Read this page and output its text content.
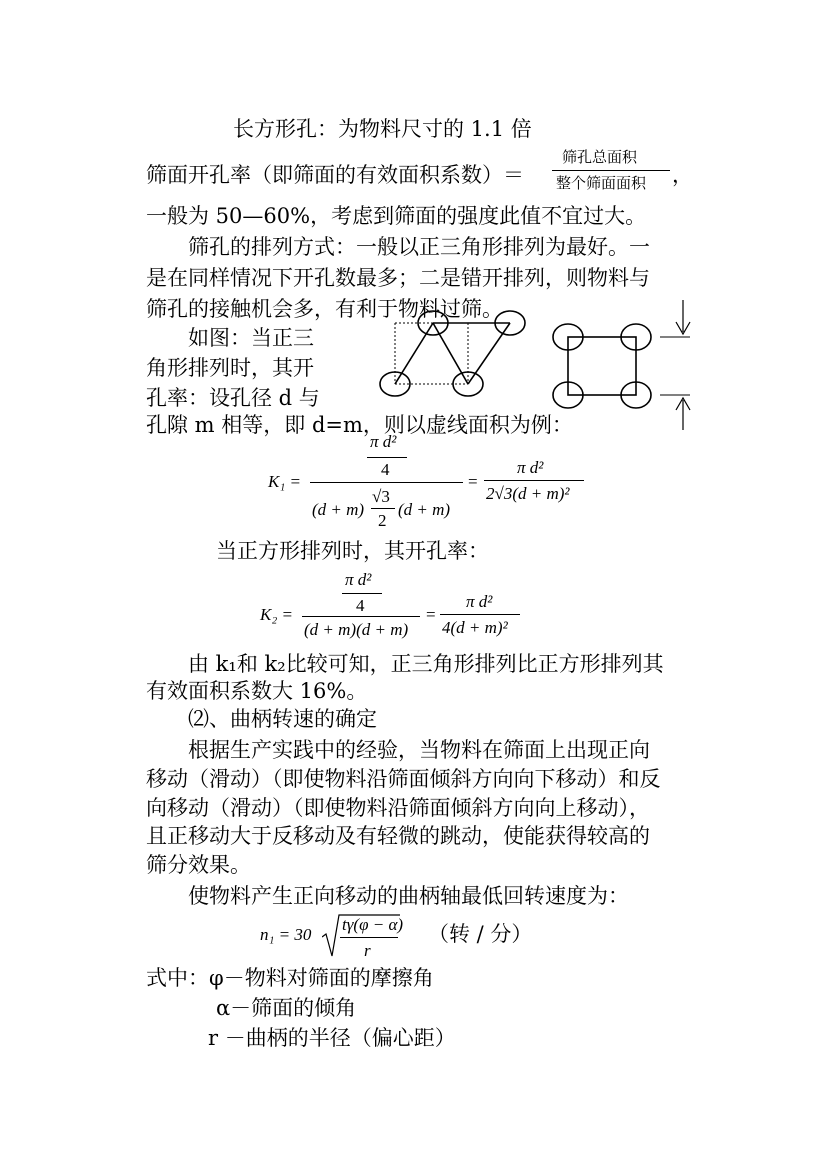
长方形孔：为物料尺寸的 1.1 倍
筛面开孔率（即筛面的有效面积系数）＝
筛孔总面积
整个筛面面积 ，
一般为 50—60%，考虑到筛面的强度此值不宜过大。
筛孔的排列方式：一般以正三角形排列为最好。一
是在同样情况下开孔数最多；二是错开排列，则物料与
筛孔的接触机会多，有利于物料过筛。
如图：当正三
角形排列时，其开
孔率：设孔径 d 与
孔隙 m 相等，即 d=m，则以虚线面积为例：
K₁ =
π d²
4
(d + m)
√3
2
(d + m)
=
π d²
2√3(d + m)²
当正方形排列时，其开孔率：
K₂ =
π d²
4
(d + m)(d + m)
=
π d²
4(d + m)²
由 k₁和 k₂比较可知，正三角形排列比正方形排列其
有效面积系数大 16%。
⑵、曲柄转速的确定
根据生产实践中的经验，当物料在筛面上出现正向
移动（滑动）（即使物料沿筛面倾斜方向向下移动）和反
向移动（滑动）（即使物料沿筛面倾斜方向向上移动），
且正移动大于反移动及有轻微的跳动，使能获得较高的
筛分效果。
使物料产生正向移动的曲柄轴最低回转速度为：
n₁ = 30
tγ(φ − α)
r
（转 / 分）
式中：φ－物料对筛面的摩擦角
α－筛面的倾角
r －曲柄的半径（偏心距）
